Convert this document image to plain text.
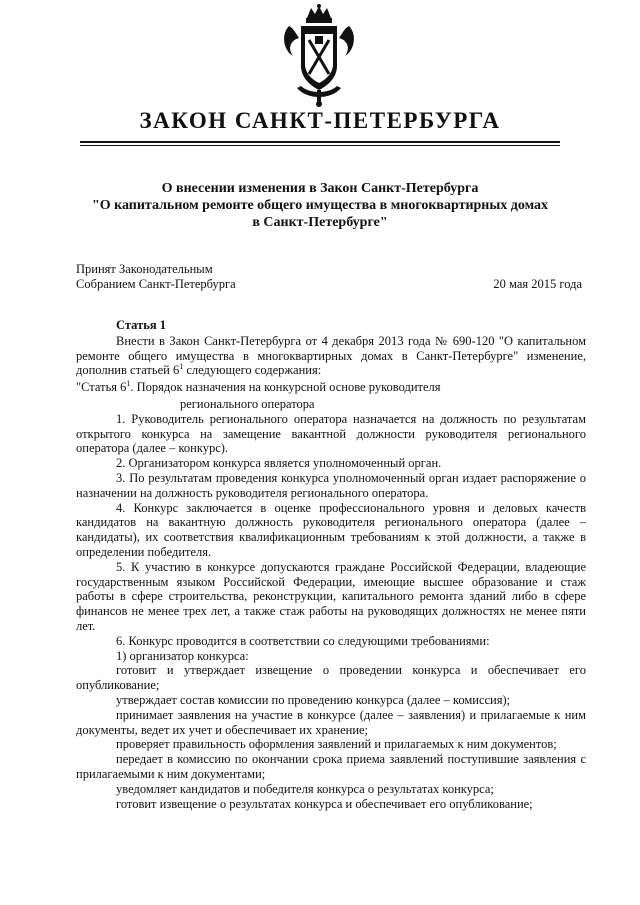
ЗАКОН САНКТ-ПЕТЕРБУРГА
О внесении изменения в Закон Санкт-Петербурга
"О капитальном ремонте общего имущества в многоквартирных домах
в Санкт-Петербурге"
Принят Законодательным
Собранием Санкт-Петербурга	20 мая 2015 года

Статья 1

Внести в Закон Санкт-Петербурга от 4 декабря 2013 года № 690-120 "О капитальном ремонте общего имущества в многоквартирных домах в Санкт-Петербурге" изменение, дополнив статьей $6^1$ следующего содержания:

"Статья $6^1$. Порядок назначения на конкурсной основе руководителя

регионального оператора

1. Руководитель регионального оператора назначается на должность по результатам открытого конкурса на замещение вакантной должности руководителя регионального оператора (далее – конкурс).

2. Организатором конкурса является уполномоченный орган.

3. По результатам проведения конкурса уполномоченный орган издает распоряжение о назначении на должность руководителя регионального оператора.

4. Конкурс заключается в оценке профессионального уровня и деловых качеств кандидатов на вакантную должность руководителя регионального оператора (далее – кандидаты), их соответствия квалификационным требованиям к этой должности, а также в определении победителя.

5. К участию в конкурсе допускаются граждане Российской Федерации, владеющие государственным языком Российской Федерации, имеющие высшее образование и стаж работы в сфере строительства, реконструкции, капитального ремонта зданий либо в сфере финансов не менее трех лет, а также стаж работы на руководящих должностях не менее пяти лет.

6. Конкурс проводится в соответствии со следующими требованиями:

1) организатор конкурса:

готовит и утверждает извещение о проведении конкурса и обеспечивает его опубликование;

утверждает состав комиссии по проведению конкурса (далее – комиссия);

принимает заявления на участие в конкурсе (далее – заявления) и прилагаемые к ним документы, ведет их учет и обеспечивает их хранение;

проверяет правильность оформления заявлений и прилагаемых к ним документов;

передает в комиссию по окончании срока приема заявлений поступившие заявления с прилагаемыми к ним документами;

уведомляет кандидатов и победителя конкурса о результатах конкурса;

готовит извещение о результатах конкурса и обеспечивает его опубликование;
